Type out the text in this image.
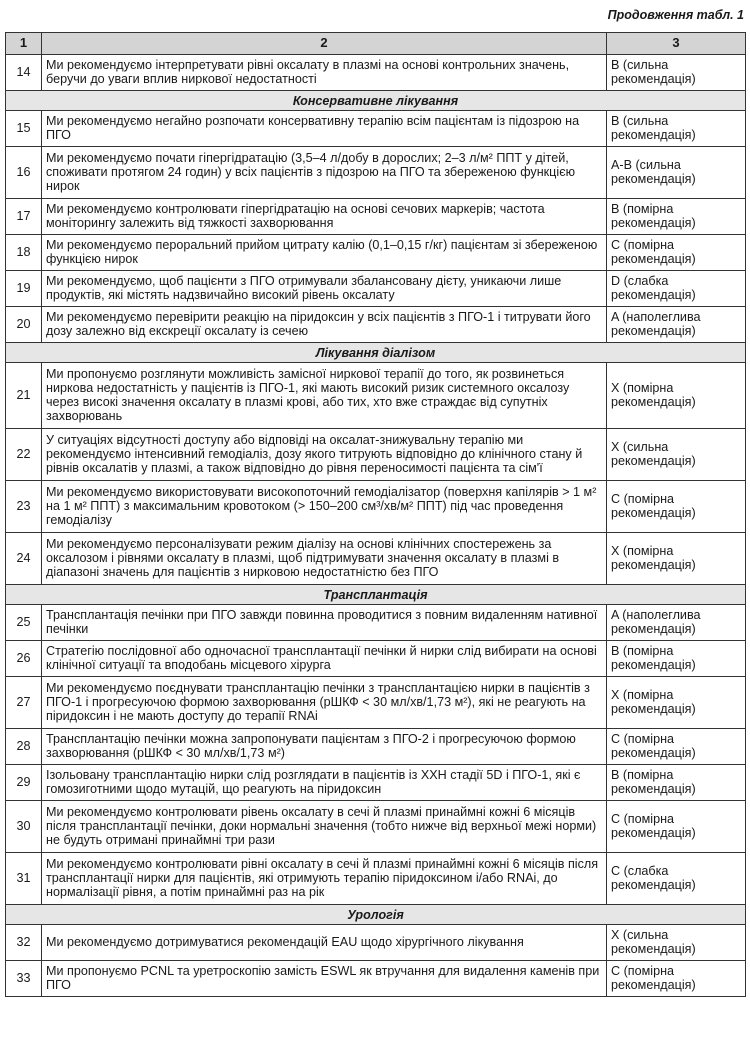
Продовження табл. 1
1	2	3
14	Ми рекомендуємо інтерпретувати рівні оксалату в плазмі на основі контрольних значень, беручи до уваги вплив ниркової недостатності	B (сильна рекомендація)
Консервативне лікування		
15	Ми рекомендуємо негайно розпочати консервативну терапію всім пацієнтам із підозрою на ПГО	B (сильна рекомендація)
16	Ми рекомендуємо почати гіпергідратацію (3,5–4 л/добу в дорослих; 2–3 л/м² ППТ у дітей, споживати протягом 24 годин) у всіх пацієнтів з підозрою на ПГО та збереженою функцією нирок	A-B (сильна рекомендація)
17	Ми рекомендуємо контролювати гіпергідратацію на основі сечових маркерів; частота моніторингу залежить від тяжкості захворювання	B (помірна рекомендація)
18	Ми рекомендуємо пероральний прийом цитрату калію (0,1–0,15 г/кг) пацієнтам зі збереженою функцією нирок	C (помірна рекомендація)
19	Ми рекомендуємо, щоб пацієнти з ПГО отримували збалансовану дієту, уникаючи лише продуктів, які містять надзвичайно високий рівень оксалату	D (слабка рекомендація)
20	Ми рекомендуємо перевірити реакцію на піридоксин у всіх пацієнтів з ПГО-1 і титрувати його дозу залежно від екскреції оксалату із сечею	A (наполеглива рекомендація)
Лікування діалізом		
21	Ми пропонуємо розглянути можливість замісної ниркової терапії до того, як розвинеться ниркова недостатність у пацієнтів із ПГО-1, які мають високий ризик системного оксалозу через високі значення оксалату в плазмі крові, або тих, хто вже страждає від супутніх захворювань	X (помірна рекомендація)
22	У ситуаціях відсутності доступу або відповіді на оксалат-знижувальну терапію ми рекомендуємо інтенсивний гемодіаліз, дозу якого титрують відповідно до клінічного стану й рівнів оксалатів у плазмі, а також відповідно до рівня переносимості пацієнта та сім'ї	X (сильна рекомендація)
23	Ми рекомендуємо використовувати високопоточний гемодіалізатор (поверхня капілярів > 1 м² на 1 м² ППТ) з максимальним кровотоком (> 150–200 см³/хв/м² ППТ) під час проведення гемодіалізу	C (помірна рекомендація)
24	Ми рекомендуємо персоналізувати режим діалізу на основі клінічних спостережень за оксалозом і рівнями оксалату в плазмі, щоб підтримувати значення оксалату в плазмі в діапазоні значень для пацієнтів з нирковою недостатністю без ПГО	X (помірна рекомендація)
Трансплантація		
25	Трансплантація печінки при ПГО завжди повинна проводитися з повним видаленням нативної печінки	A (наполеглива рекомендація)
26	Стратегію послідовної або одночасної трансплантації печінки й нирки слід вибирати на основі клінічної ситуації та вподобань місцевого хірурга	B (помірна рекомендація)
27	Ми рекомендуємо поєднувати трансплантацію печінки з трансплантацією нирки в пацієнтів з ПГО-1 і прогресуючою формою захворювання (рШКФ < 30 мл/хв/1,73 м²), які не реагують на піридоксин і не мають доступу до терапії RNAi	X (помірна рекомендація)
28	Трансплантацію печінки можна запропонувати пацієнтам з ПГО-2 і прогресуючою формою захворювання (рШКФ < 30 мл/хв/1,73 м²)	C (помірна рекомендація)
29	Ізольовану трансплантацію нирки слід розглядати в пацієнтів із ХХН стадії 5D і ПГО-1, які є гомозиготними щодо мутацій, що реагують на піридоксин	B (помірна рекомендація)
30	Ми рекомендуємо контролювати рівень оксалату в сечі й плазмі принаймні кожні 6 місяців після трансплантації печінки, доки нормальні значення (тобто нижче від верхньої межі норми) не будуть отримані принаймні три рази	C (помірна рекомендація)
31	Ми рекомендуємо контролювати рівні оксалату в сечі й плазмі принаймні кожні 6 місяців після трансплантації нирки для пацієнтів, які отримують терапію піридоксином і/або RNAi, до нормалізації рівня, а потім принаймні раз на рік	C (слабка рекомендація)
Урологія		
32	Ми рекомендуємо дотримуватися рекомендацій EAU щодо хірургічного лікування	X (сильна рекомендація)
33	Ми пропонуємо PCNL та уретроскопію замість ESWL як втручання для видалення каменів при ПГО	C (помірна рекомендація)
